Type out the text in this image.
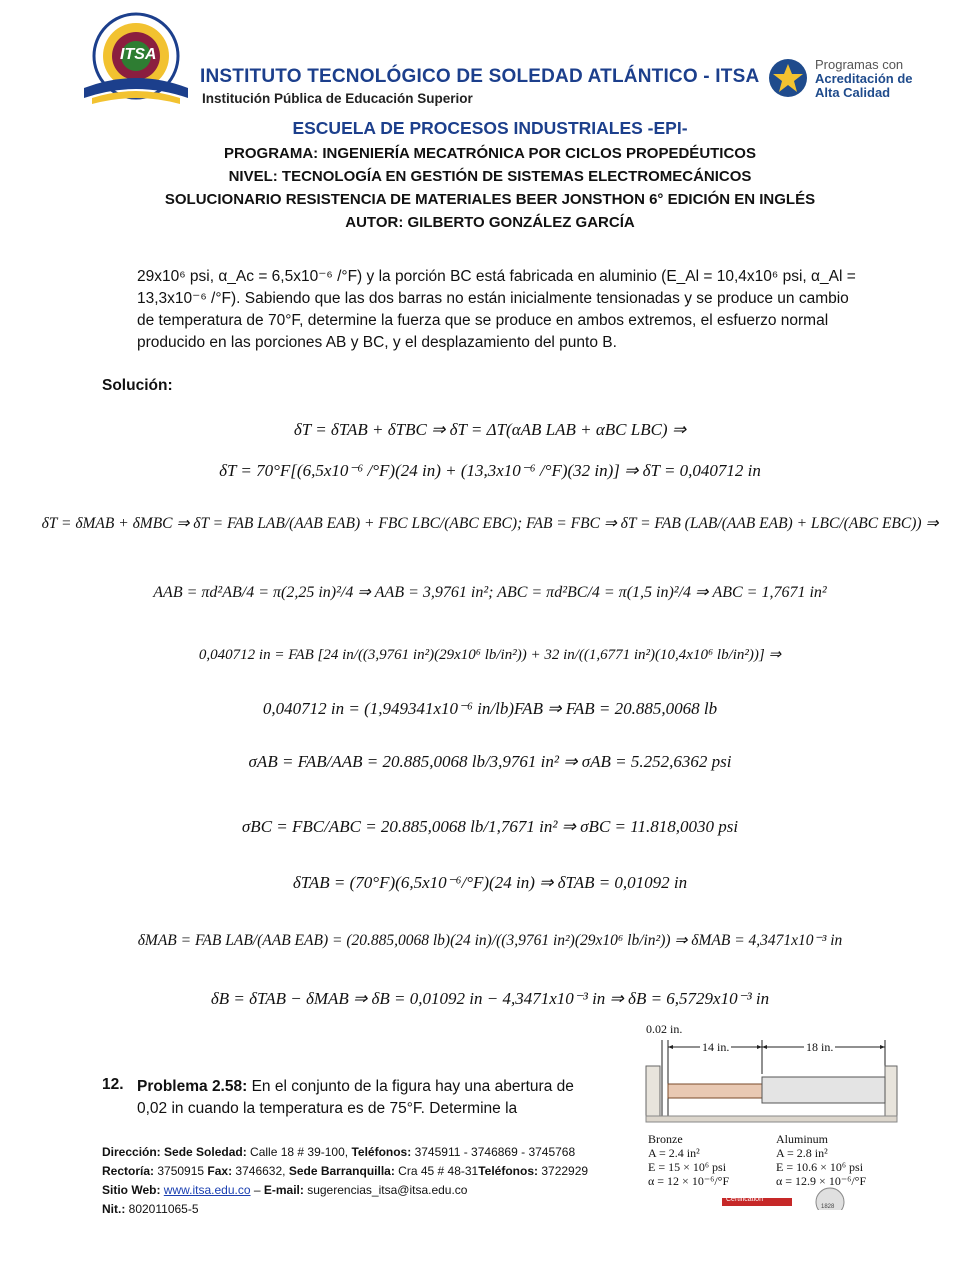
ITSA
INSTITUTO TECNOLÓGICO DE SOLEDAD ATLÁNTICO - ITSA
Institución Pública de Educación Superior
Programas con
Acreditación de
Alta Calidad
ESCUELA DE PROCESOS INDUSTRIALES -EPI-
PROGRAMA: INGENIERÍA MECATRÓNICA POR CICLOS PROPEDÉUTICOS
NIVEL: TECNOLOGÍA EN GESTIÓN DE SISTEMAS ELECTROMECÁNICOS
SOLUCIONARIO RESISTENCIA DE MATERIALES BEER JONSTHON 6° EDICIÓN EN INGLÉS
AUTOR: GILBERTO GONZÁLEZ GARCÍA
29x10⁶ psi, α_Ac = 6,5x10⁻⁶ /°F) y la porción BC está fabricada en aluminio (E_Al = 10,4x10⁶ psi, α_Al =
13,3x10⁻⁶ /°F). Sabiendo que las dos barras no están inicialmente tensionadas y se produce un cambio
de temperatura de 70°F, determine la fuerza que se produce en ambos extremos, el esfuerzo normal
producido en las porciones AB y BC, y el desplazamiento del punto B.
Solución:
δT = δTAB + δTBC ⇒ δT = ΔT(αAB LAB + αBC LBC) ⇒
δT = 70°F[(6,5x10⁻⁶ /°F)(24 in) + (13,3x10⁻⁶ /°F)(32 in)] ⇒ δT = 0,040712 in
δT = δMAB + δMBC ⇒ δT = FAB LAB/(AAB EAB) + FBC LBC/(ABC EBC); FAB = FBC ⇒ δT = FAB (LAB/(AAB EAB) + LBC/(ABC EBC)) ⇒
AAB = πd²AB/4 = π(2,25 in)²/4 ⇒ AAB = 3,9761 in²; ABC = πd²BC/4 = π(1,5 in)²/4 ⇒ ABC = 1,7671 in²
0,040712 in = FAB [24 in/((3,9761 in²)(29x10⁶ lb/in²)) + 32 in/((1,6771 in²)(10,4x10⁶ lb/in²))] ⇒
0,040712 in = (1,949341x10⁻⁶ in/lb)FAB ⇒ FAB = 20.885,0068 lb
σAB = FAB/AAB = 20.885,0068 lb/3,9761 in² ⇒ σAB = 5.252,6362 psi
σBC = FBC/ABC = 20.885,0068 lb/1,7671 in² ⇒ σBC = 11.818,0030 psi
δTAB = (70°F)(6,5x10⁻⁶/°F)(24 in) ⇒ δTAB = 0,01092 in
δMAB = FAB LAB/(AAB EAB) = (20.885,0068 lb)(24 in)/((3,9761 in²)(29x10⁶ lb/in²)) ⇒ δMAB = 4,3471x10⁻³ in
δB = δTAB − δMAB ⇒ δB = 0,01092 in − 4,3471x10⁻³ in ⇒ δB = 6,5729x10⁻³ in
12. Problema 2.58: En el conjunto de la figura hay una abertura de
0,02 in cuando la temperatura es de 75°F. Determine la
0.02 in.
14 in.	18 in.
Bronze
A = 2.4 in²
E = 15 × 10⁶ psi
α = 12 × 10⁻⁶/°F
Aluminum
A = 2.8 in²
E = 10.6 × 10⁶ psi
α = 12.9 × 10⁻⁶/°F
Certification
1828
Dirección: Sede Soledad: Calle 18 # 39-100, Teléfonos: 3745911 - 3746869 - 3745768
Rectoría: 3750915 Fax: 3746632, Sede Barranquilla: Cra 45 # 48-31Teléfonos: 3722929
Sitio Web: www.itsa.edu.co – E-mail: sugerencias_itsa@itsa.edu.co
Nit.: 802011065-5
